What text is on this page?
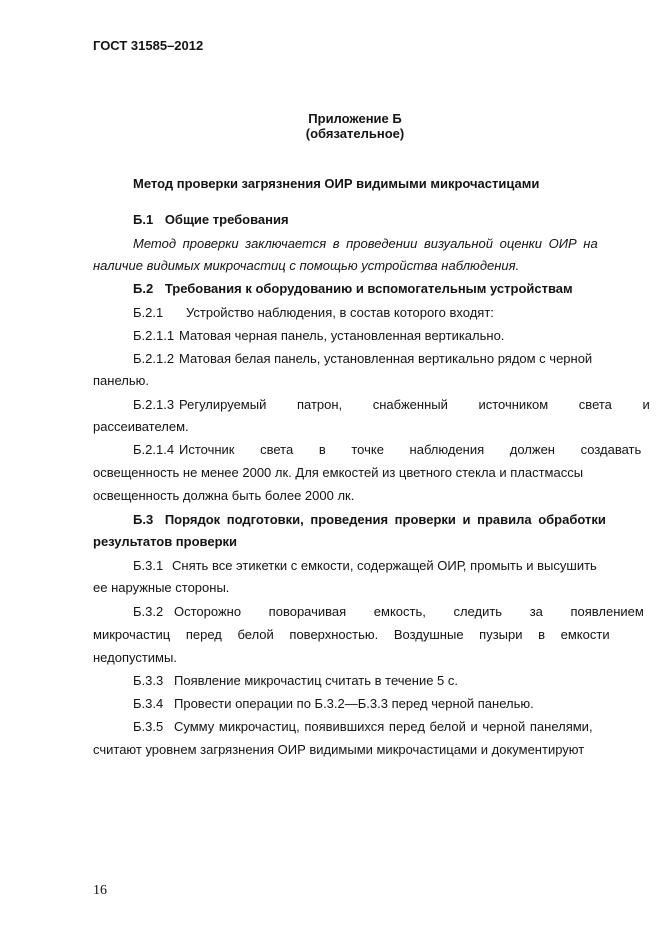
ГОСТ 31585–2012
Приложение Б
(обязательное)
Метод проверки загрязнения ОИР видимыми микрочастицами
Б.1 Общие требования
Метод проверки заключается в проведении визуальной оценки ОИР на
наличие видимых микрочастиц с помощью устройства наблюдения.
Б.2 Требования к оборудованию и вспомогательным устройствам
Б.2.1 Устройство наблюдения, в состав которого входят:
Б.2.1.1 Матовая черная панель, установленная вертикально.
Б.2.1.2 Матовая белая панель, установленная вертикально рядом с черной
панелью.
Б.2.1.3 Регулируемый патрон, снабженный источником света и
рассеивателем.
Б.2.1.4 Источник света в точке наблюдения должен создавать
освещенность не менее 2000 лк. Для емкостей из цветного стекла и пластмассы
освещенность должна быть более 2000 лк.
Б.3 Порядок подготовки, проведения проверки и правила обработки
результатов проверки
Б.3.1 Снять все этикетки с емкости, содержащей ОИР, промыть и высушить
ее наружные стороны.
Б.3.2 Осторожно поворачивая емкость, следить за появлением
микрочастиц перед белой поверхностью. Воздушные пузыри в емкости
недопустимы.
Б.3.3 Появление микрочастиц считать в течение 5 с.
Б.3.4 Провести операции по Б.3.2—Б.3.3 перед черной панелью.
Б.3.5 Сумму микрочастиц, появившихся перед белой и черной панелями,
считают уровнем загрязнения ОИР видимыми микрочастицами и документируют
16
